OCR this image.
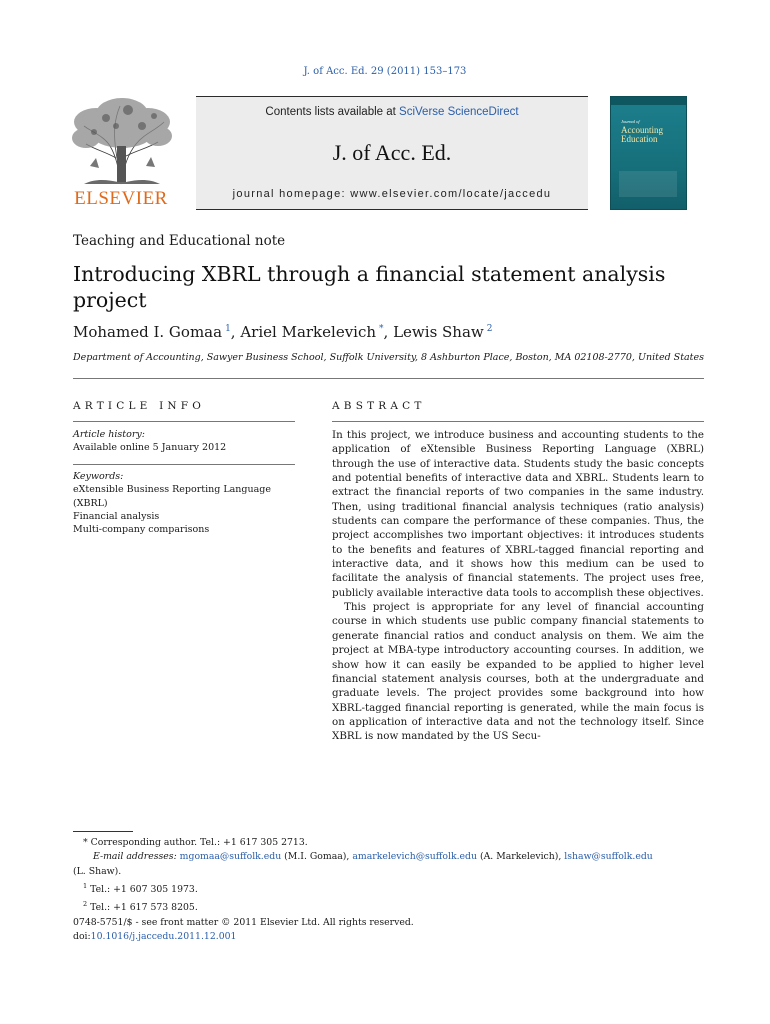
J. of Acc. Ed. 29 (2011) 153–173
ELSEVIER
Contents lists available at SciVerse ScienceDirect
J. of Acc. Ed.
journal homepage: www.elsevier.com/locate/jaccedu
Journal of
Accounting Education
Teaching and Educational note
Introducing XBRL through a financial statement analysis project
Mohamed I. Gomaa  $^1$, Ariel Markelevich  *, Lewis Shaw  $^2$
Department of Accounting, Sawyer Business School, Suffolk University, 8 Ashburton Place, Boston, MA 02108-2770, United States
ARTICLE INFO	ABSTRACT
Article history:
Available online 5 January 2012
Keywords:
eXtensible Business Reporting Language (XBRL)
Financial analysis
Multi-company comparisons

In this project, we introduce business and accounting students to the application of eXtensible Business Reporting Language (XBRL) through the use of interactive data. Students study the basic concepts and potential benefits of interactive data and XBRL. Students learn to extract the financial reports of two companies in the same industry. Then, using traditional financial analysis techniques (ratio analysis) students can compare the performance of these companies. Thus, the project accomplishes two important objectives: it introduces students to the benefits and features of XBRL-tagged financial reporting and interactive data, and it shows how this medium can be used to facilitate the analysis of financial statements. The project uses free, publicly available interactive data tools to accomplish these objectives.

This project is appropriate for any level of financial accounting course in which students use public company financial statements to generate financial ratios and conduct analysis on them. We aim the project at MBA-type introductory accounting courses. In addition, we show how it can easily be expanded to be applied to higher level financial statement analysis courses, both at the undergraduate and graduate levels. The project provides some background into how XBRL-tagged financial reporting is generated, while the main focus is on application of interactive data and not the technology itself. Since XBRL is now mandated by the US Secu-

* Corresponding author. Tel.: +1 617 305 2713.
E-mail addresses: mgomaa@suffolk.edu (M.I. Gomaa), amarkelevich@suffolk.edu (A. Markelevich), lshaw@suffolk.edu
(L. Shaw).
$^1$ Tel.: +1 607 305 1973.
$^2$ Tel.: +1 617 573 8205.
0748-5751/$ - see front matter © 2011 Elsevier Ltd. All rights reserved.
doi:10.1016/j.jaccedu.2011.12.001
